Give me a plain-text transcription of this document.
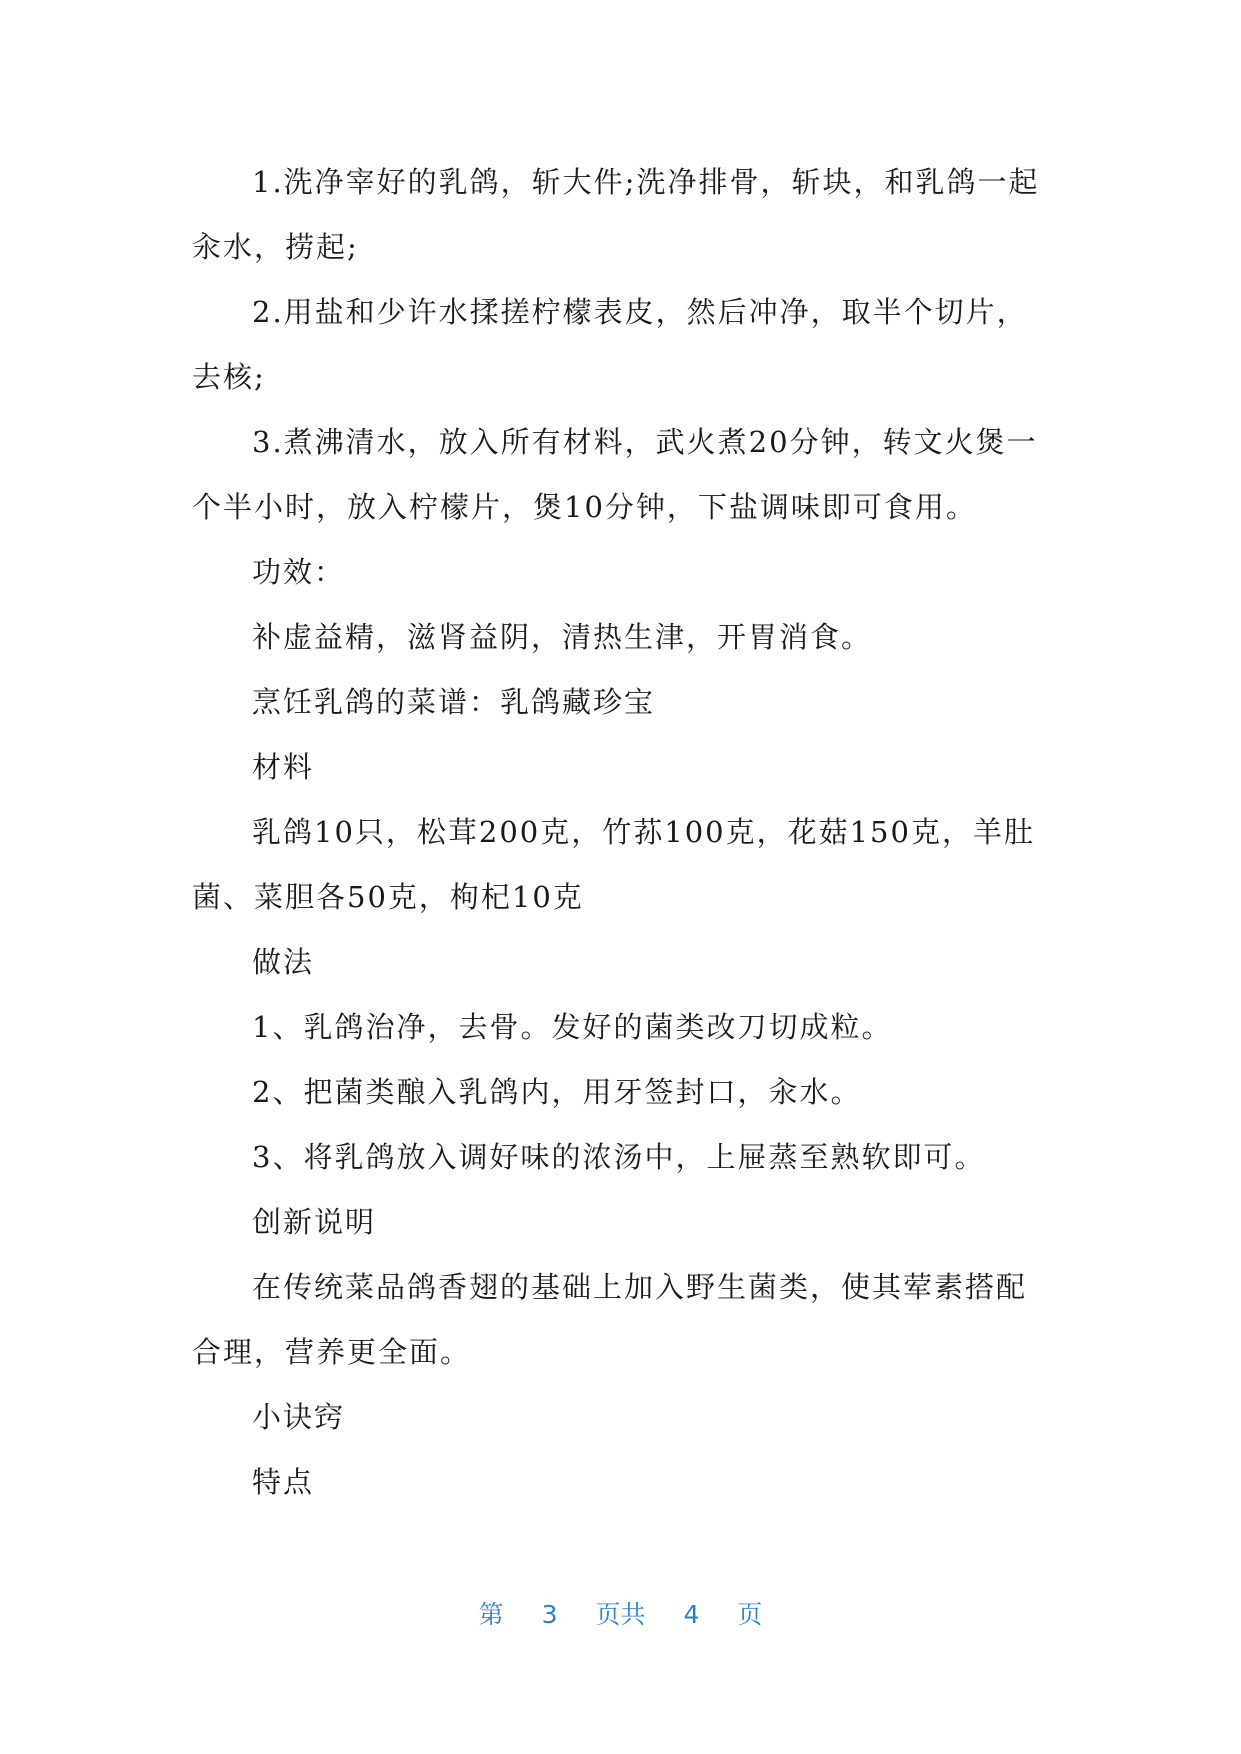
1.洗净宰好的乳鸽，斩大件;洗净排骨，斩块，和乳鸽一起汆水，捞起;

2.用盐和少许水揉搓柠檬表皮，然后冲净，取半个切片，去核;

3.煮沸清水，放入所有材料，武火煮20分钟，转文火煲一个半小时，放入柠檬片，煲10分钟，下盐调味即可食用。

功效：

补虚益精，滋肾益阴，清热生津，开胃消食。

烹饪乳鸽的菜谱：乳鸽藏珍宝

材料

乳鸽10只，松茸200克，竹荪100克，花菇150克，羊肚菌、菜胆各50克，枸杞10克

做法

1、乳鸽治净，去骨。发好的菌类改刀切成粒。

2、把菌类酿入乳鸽内，用牙签封口，汆水。

3、将乳鸽放入调好味的浓汤中，上屉蒸至熟软即可。

创新说明

在传统菜品鸽香翅的基础上加入野生菌类，使其荤素搭配合理，营养更全面。

小诀窍

特点

第 3 页共 4 页
